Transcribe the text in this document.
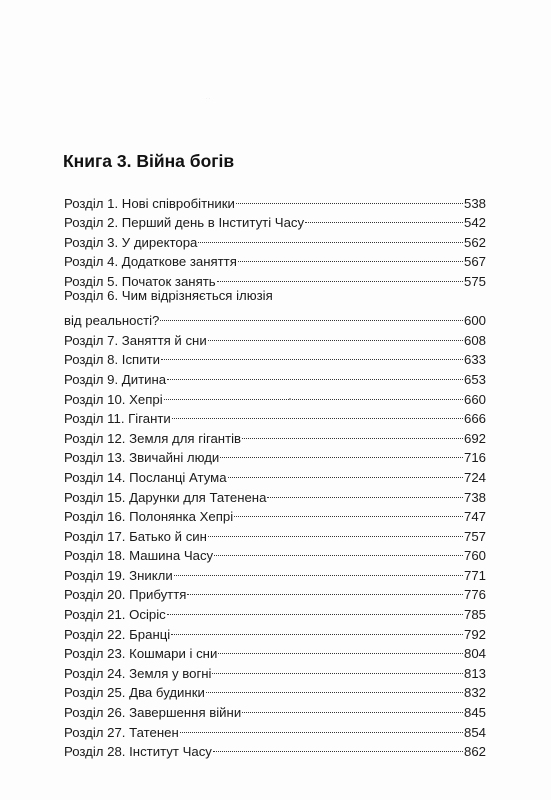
. .
Книга 3. Війна богів
Розділ 1. Нові співробітники	538
Розділ 2. Перший день в Інституті Часу	542
Розділ 3. У директора	562
Розділ 4. Додаткове заняття	567
Розділ 5. Початок занять	575
Розділ 6. Чим відрізняється ілюзія
від реальності?	600
Розділ 7. Заняття й сни	608
Розділ 8. Іспити	633
Розділ 9. Дитина	653
Розділ 10. Хепрі	660
Розділ 11. Гіганти	666
Розділ 12. Земля для гігантів	692
Розділ 13. Звичайні люди	716
Розділ 14. Посланці Атума	724
Розділ 15. Дарунки для Татенена	738
Розділ 16. Полонянка Хепрі	747
Розділ 17. Батько й син	757
Розділ 18. Машина Часу	760
Розділ 19. Зникли	771
Розділ 20. Прибуття	776
Розділ 21. Осіріс	785
Розділ 22. Бранці	792
Розділ 23. Кошмари і сни	804
Розділ 24. Земля у вогні	813
Розділ 25. Два будинки	832
Розділ 26. Завершення війни	845
Розділ 27. Татенен	854
Розділ 28. Інститут Часу	862
